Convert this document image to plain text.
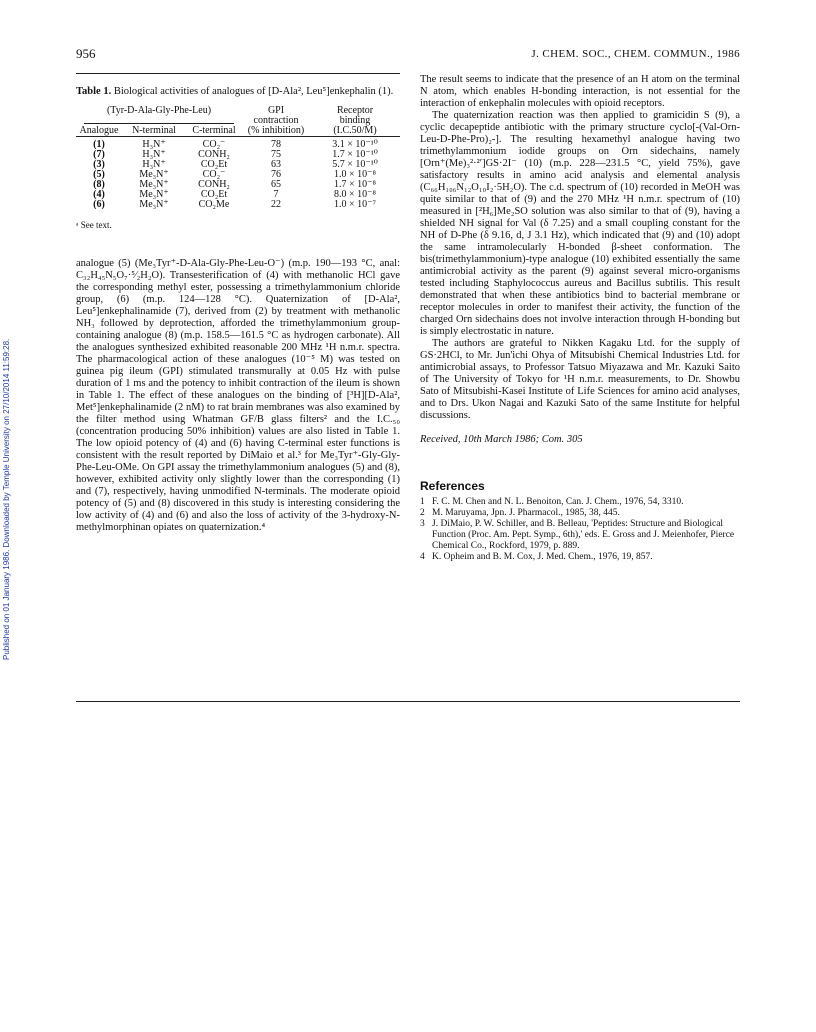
956	J. CHEM. SOC., CHEM. COMMUN., 1986
Published on 01 January 1986. Downloaded by Temple University on 27/10/2014 11:59:28.

Table 1. Biological activities of analogues of [D-Ala², Leu⁵]enkephalin (1).

(Tyr-D-Ala-Gly-Phe-Leu)			GPI	Receptor

			contraction	binding
Analogue	N-terminal	C-terminal	(% inhibition)	(I.C.50/M)

(1)	H₃N⁺	CO₂⁻	78	3.1 × 10⁻¹⁰
(7)	H₃N⁺	CONH₂	75	1.7 × 10⁻¹⁰
(3)	H₃N⁺	CO₂Et	63	5.7 × 10⁻¹⁰
(5)	Me₃N⁺	CO₂⁻	76	1.0 × 10⁻⁸
(8)	Me₃N⁺	CONH₂	65	1.7 × 10⁻⁸
(4)	Me₃N⁺	CO₂Et	7	8.0 × 10⁻⁸
(6)	Me₃N⁺	CO₂Me	22	1.0 × 10⁻⁷
ᵃ See text.

analogue (5) (Me₃Tyr⁺-D-Ala-Gly-Phe-Leu-O⁻) (m.p. 190—193 °C, anal: C₃₂H₄₅N₅O₇·⁵⁄₂H₂O). Transesterification of (4) with methanolic HCl gave the corresponding methyl ester, possessing a trimethylammonium chloride group, (6) (m.p. 124—128 °C). Quaternization of [D-Ala², Leu⁵]enkephalinamide (7), derived from (2) by treatment with methanolic NH₃ followed by deprotection, afforded the trimethylammonium group-containing analogue (8) (m.p. 158.5—161.5 °C as hydrogen carbonate). All the analogues synthesized exhibited reasonable 200 MHz ¹H n.m.r. spectra. The pharmacological action of these analogues (10⁻⁵ M) was tested on guinea pig ileum (GPI) stimulated transmurally at 0.05 Hz with pulse duration of 1 ms and the potency to inhibit contraction of the ileum is shown in Table 1. The effect of these analogues on the binding of [³H][D-Ala², Met⁵]enkephalinamide (2 nM) to rat brain membranes was also examined by the filter method using Whatman GF/B glass filters² and the I.C.₅₀ (concentration producing 50% inhibition) values are also listed in Table 1. The low opioid potency of (4) and (6) having C-terminal ester functions is consistent with the result reported by DiMaio et al.³ for Me₃Tyr⁺-Gly-Gly-Phe-Leu-OMe. On GPI assay the trimethylammonium analogues (5) and (8), however, exhibited activity only slightly lower than the corresponding (1) and (7), respectively, having unmodified N-terminals. The moderate opioid potency of (5) and (8) discovered in this study is interesting considering the low activity of (4) and (6) and also the loss of activity of the 3-hydroxy-N-methylmorphinan opiates on quaternization.⁴

The result seems to indicate that the presence of an H atom on the terminal N atom, which enables H-bonding interaction, is not essential for the interaction of enkephalin molecules with opioid receptors.

The quaternization reaction was then applied to gramicidin S (9), a cyclic decapeptide antibiotic with the primary structure cyclo[-(Val-Orn-Leu-D-Phe-Pro)₂-]. The resulting hexamethyl analogue having two trimethylammonium iodide groups on Orn sidechains, namely [Orn⁺(Me)₃²·²′]GS·2I⁻ (10) (m.p. 228—231.5 °C, yield 75%), gave satisfactory results in amino acid analysis and elemental analysis (C₆₆H₁₀₆N₁₂O₁₀I₂·5H₂O). The c.d. spectrum of (10) recorded in MeOH was quite similar to that of (9) and the 270 MHz ¹H n.m.r. spectrum of (10) measured in [²H₆]Me₂SO solution was also similar to that of (9), having a shielded NH signal for Val (δ 7.25) and a small coupling constant for the NH of D-Phe (δ 9.16, d, J 3.1 Hz), which indicated that (9) and (10) adopt the same intramolecularly H-bonded β-sheet conformation. The bis(trimethylammonium)-type analogue (10) exhibited essentially the same antimicrobial activity as the parent (9) against several micro-organisms tested including Staphylococcus aureus and Bacillus subtilis. This result demonstrated that when these antibiotics bind to bacterial membrane or receptor molecules in order to manifest their activity, the function of the charged Orn sidechains does not involve interaction through H-bonding but is simply electrostatic in nature.

The authors are grateful to Nikken Kagaku Ltd. for the supply of GS·2HCl, to Mr. Jun'ichi Ohya of Mitsubishi Chemical Industries Ltd. for antimicrobial assays, to Professor Tatsuo Miyazawa and Mr. Kazuki Saito of The University of Tokyo for ¹H n.m.r. measurements, to Dr. Showbu Sato of Mitsubishi-Kasei Institute of Life Sciences for amino acid analyses, and to Drs. Ukon Nagai and Kazuki Sato of the same Institute for helpful discussions.

Received, 10th March 1986; Com. 305
References
1 F. C. M. Chen and N. L. Benoiton, Can. J. Chem., 1976, 54, 3310.
2 M. Maruyama, Jpn. J. Pharmacol., 1985, 38, 445.
3 J. DiMaio, P. W. Schiller, and B. Belleau, 'Peptides: Structure and Biological Function (Proc. Am. Pept. Symp., 6th),' eds. E. Gross and J. Meienhofer, Pierce Chemical Co., Rockford, 1979, p. 889.
4 K. Opheim and B. M. Cox, J. Med. Chem., 1976, 19, 857.
